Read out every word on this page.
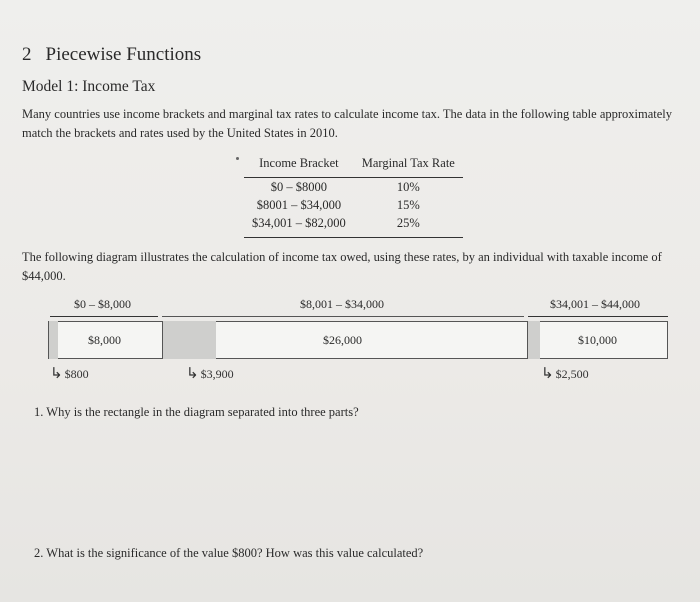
2 Piecewise Functions
Model 1: Income Tax
Many countries use income brackets and marginal tax rates to calculate income tax. The data in the following table approximately match the brackets and rates used by the United States in 2010.
Income Bracket	Marginal Tax Rate
$0 – $8000	10%
$8001 – $34,000	15%
$34,001 – $82,000	25%
The following diagram illustrates the calculation of income tax owed, using these rates, by an individual with taxable income of $44,000.
$0 – $8,000	$8,001 – $34,000	$34,001 – $44,000
$8,000	$26,000	$10,000
↳ $800	↳ $3,900	↳ $2,500
1. Why is the rectangle in the diagram separated into three parts?
2. What is the significance of the value $800? How was this value calculated?
